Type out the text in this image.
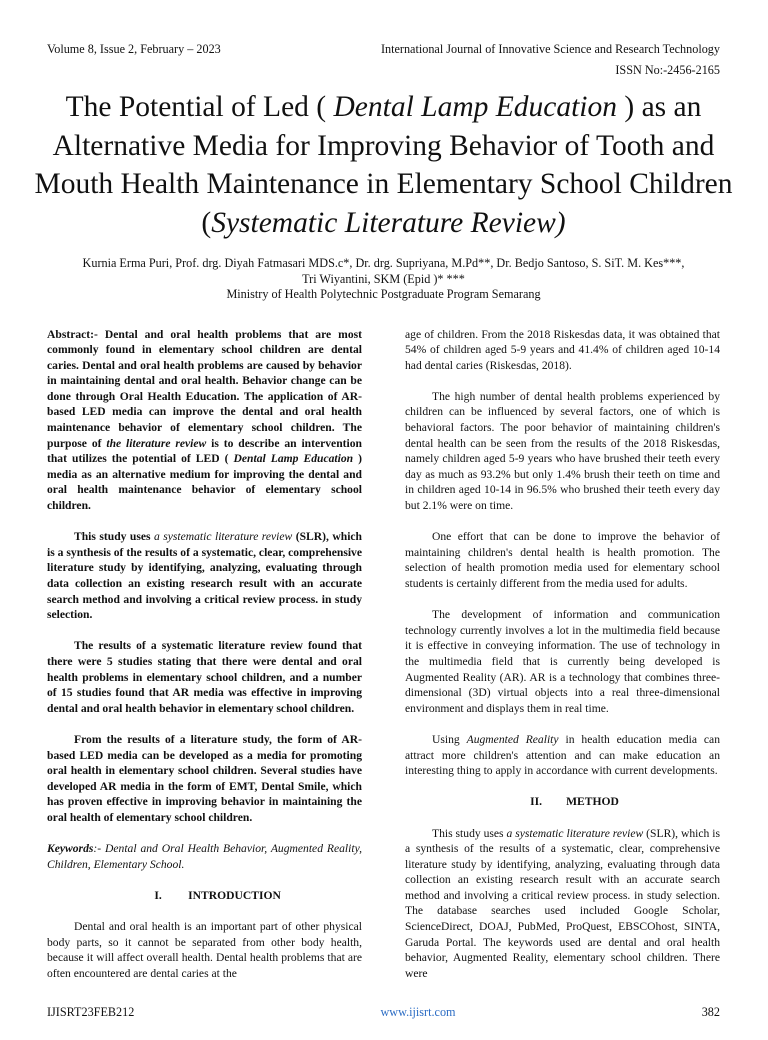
Volume 8, Issue 2, February – 2023	International Journal of Innovative Science and Research Technology
ISSN No:-2456-2165
The Potential of Led ( Dental Lamp Education ) as an Alternative Media for Improving Behavior of Tooth and Mouth Health Maintenance in Elementary School Children (Systematic Literature Review)
Kurnia Erma Puri, Prof. drg. Diyah Fatmasari MDS.c*, Dr. drg. Supriyana, M.Pd**, Dr. Bedjo Santoso, S. SiT. M. Kes***,
Tri Wiyantini, SKM (Epid )* ***
Ministry of Health Polytechnic Postgraduate Program Semarang

Abstract:- Dental and oral health problems that are most commonly found in elementary school children are dental caries. Dental and oral health problems are caused by behavior in maintaining dental and oral health. Behavior change can be done through Oral Health Education. The application of AR-based LED media can improve the dental and oral health maintenance behavior of elementary school children. The purpose of the literature review is to describe an intervention that utilizes the potential of LED ( Dental Lamp Education ) media as an alternative medium for improving the dental and oral health maintenance behavior of elementary school children.

This study uses a systematic literature review (SLR), which is a synthesis of the results of a systematic, clear, comprehensive literature study by identifying, analyzing, evaluating through data collection an existing research result with an accurate search method and involving a critical review process. in study selection.

The results of a systematic literature review found that there were 5 studies stating that there were dental and oral health problems in elementary school children, and a number of 15 studies found that AR media was effective in improving dental and oral health behavior in elementary school children.

From the results of a literature study, the form of AR-based LED media can be developed as a media for promoting oral health in elementary school children. Several studies have developed AR media in the form of EMT, Dental Smile, which has proven effective in improving behavior in maintaining the oral health of elementary school children.

Keywords:- Dental and Oral Health Behavior, Augmented Reality, Children, Elementary School.

I. INTRODUCTION

Dental and oral health is an important part of other physical body parts, so it cannot be separated from other body health, because it will affect overall health. Dental health problems that are often encountered are dental caries at the

age of children. From the 2018 Riskesdas data, it was obtained that 54% of children aged 5-9 years and 41.4% of children aged 10-14 had dental caries (Riskesdas, 2018).

The high number of dental health problems experienced by children can be influenced by several factors, one of which is behavioral factors. The poor behavior of maintaining children's dental health can be seen from the results of the 2018 Riskesdas, namely children aged 5-9 years who have brushed their teeth every day as much as 93.2% but only 1.4% brush their teeth on time and in children aged 10-14 in 96.5% who brushed their teeth every day but 2.1% were on time.

One effort that can be done to improve the behavior of maintaining children's dental health is health promotion. The selection of health promotion media used for elementary school students is certainly different from the media used for adults.

The development of information and communication technology currently involves a lot in the multimedia field because it is effective in conveying information. The use of technology in the multimedia field that is currently being developed is Augmented Reality (AR). AR is a technology that combines three-dimensional (3D) virtual objects into a real three-dimensional environment and displays them in real time.

Using Augmented Reality in health education media can attract more children's attention and can make education an interesting thing to apply in accordance with current developments.

II. METHOD

This study uses a systematic literature review (SLR), which is a synthesis of the results of a systematic, clear, comprehensive literature study by identifying, analyzing, evaluating through data collection an existing research result with an accurate search method and involving a critical review process. in study selection. The database searches used included Google Scholar, ScienceDirect, DOAJ, PubMed, ProQuest, EBSCOhost, SINTA, Garuda Portal. The keywords used are dental and oral health behavior, Augmented Reality, elementary school children. There were

IJISRT23FEB212	www.ijisrt.com	382
